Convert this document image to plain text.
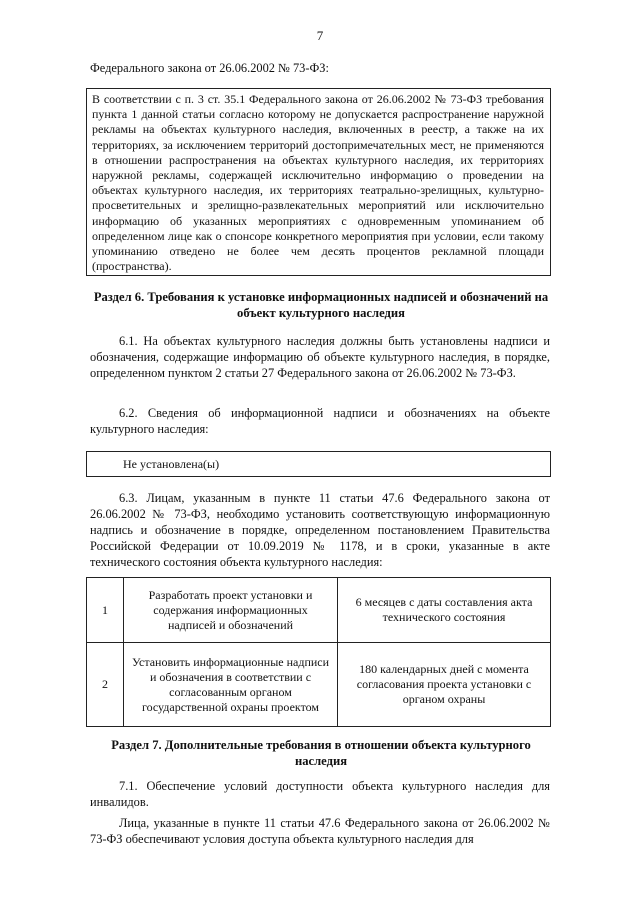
7
Федерального закона от 26.06.2002 № 73-ФЗ:
В соответствии с п. 3 ст. 35.1 Федерального закона от 26.06.2002 № 73-ФЗ требования пункта 1 данной статьи согласно которому не допускается распространение наружной рекламы на объектах культурного наследия, включенных в реестр, а также на их территориях, за исключением территорий достопримечательных мест, не применяются в отношении распространения на объектах культурного наследия, их территориях наружной рекламы, содержащей исключительно информацию о проведении на объектах культурного наследия, их территориях театрально-зрелищных, культурно-просветительных и зрелищно-развлекательных мероприятий или исключительно информацию об указанных мероприятиях с одновременным упоминанием об определенном лице как о спонсоре конкретного мероприятия при условии, если такому упоминанию отведено не более чем десять процентов рекламной площади (пространства).
Раздел 6. Требования к установке информационных надписей и обозначений на объект культурного наследия
6.1. На объектах культурного наследия должны быть установлены надписи и обозначения, содержащие информацию об объекте культурного наследия, в порядке, определенном пунктом 2 статьи 27 Федерального закона от 26.06.2002 № 73-ФЗ.
6.2. Сведения об информационной надписи и обозначениях на объекте культурного наследия:
Не установлена(ы)
6.3. Лицам, указанным в пункте 11 статьи 47.6 Федерального закона от 26.06.2002 № 73-ФЗ, необходимо установить соответствующую информационную надпись и обозначение в порядке, определенном постановлением Правительства Российской Федерации от 10.09.2019 № 1178, и в сроки, указанные в акте технического состояния объекта культурного наследия:
1	Разработать проект установки и содержания информационных надписей и обозначений	6 месяцев с даты составления акта технического состояния
2	Установить информационные надписи и обозначения в соответствии с согласованным органом государственной охраны проектом	180 календарных дней с момента согласования проекта установки с органом охраны
Раздел 7. Дополнительные требования в отношении объекта культурного наследия
7.1. Обеспечение условий доступности объекта культурного наследия для инвалидов.
Лица, указанные в пункте 11 статьи 47.6 Федерального закона от 26.06.2002 № 73-ФЗ обеспечивают условия доступа объекта культурного наследия для
